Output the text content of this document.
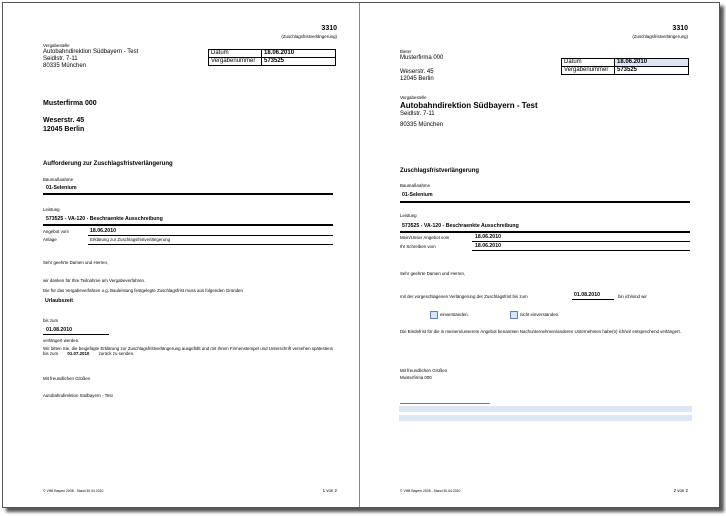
3310
(Zuschlagsfristverlängerung)
Vergabestelle
Autobahndirektion Südbayern - Test
Seidlstr. 7-11
80335 München
Datum	18.06.2010
Vergabenummer	573525
Musterfirma 000
Weserstr. 45
12045 Berlin
Aufforderung zur Zuschlagsfristverlängerung
Baumaßnahme
01-Selenium
Leistung
573525 - VA-120 - Beschraenkte Ausschreibung
Angebot vom	18.06.2010
Anlage	Erklärung zur Zuschlagsfristverlängerung
Sehr geehrte Damen und Herren,
wir danken für Ihre Teilnahme am Vergabeverfahren.
Die für das Vergabeverfahren o.g. Bauleistung festgelegte Zuschlagsfrist muss aus folgenden Gründen
Urlaubszeit
bis zum
01.08.2010
verlängert werden.
Wir bitten Sie, die beigefügte Erklärung zur Zuschlagsfristverlängerung ausgefüllt und mit Ihrem Firmenstempel und Unterschrift versehen spätestens bis zum 01.07.2010 zurück zu senden.
Mit freundlichen Grüßen
Autobahndirektion Südbayern - Test
© VHB Bayern 2008 - Stand 30.04.2010	1 von 2
3310
(Zuschlagsfristverlängerung)
Bieter
Musterfirma 000
Weserstr. 45
12045 Berlin
Datum	18.06.2010
Vergabenummer	573525
Vergabestelle
Autobahndirektion Südbayern - Test
Seidlstr. 7-11
80335 München
Zuschlagsfristverlängerung
Baumaßnahme
01-Selenium
Leistung
573525 - VA-120 - Beschraenkte Ausschreibung
Mein/Unser Angebot vom	18.06.2010
Ihr Schreiben vom	18.06.2010
Sehr geehrte Damen und Herren,
mit der vorgeschlagenen Verlängerung der Zuschlagsfrist bis zum	01.08.2010	bin ich/sind wir
einverstanden.	nicht einverstanden.
Die Bindefrist für die in meinem/unserem Angebot benannten Nachunternehmen/anderen Unternehmen habe(n) ich/wir entsprechend verlängert.
Mit freundlichen Grüßen
Musterfirma 000
© VHB Bayern 2008 - Stand 30.04.2010	2 von 2
